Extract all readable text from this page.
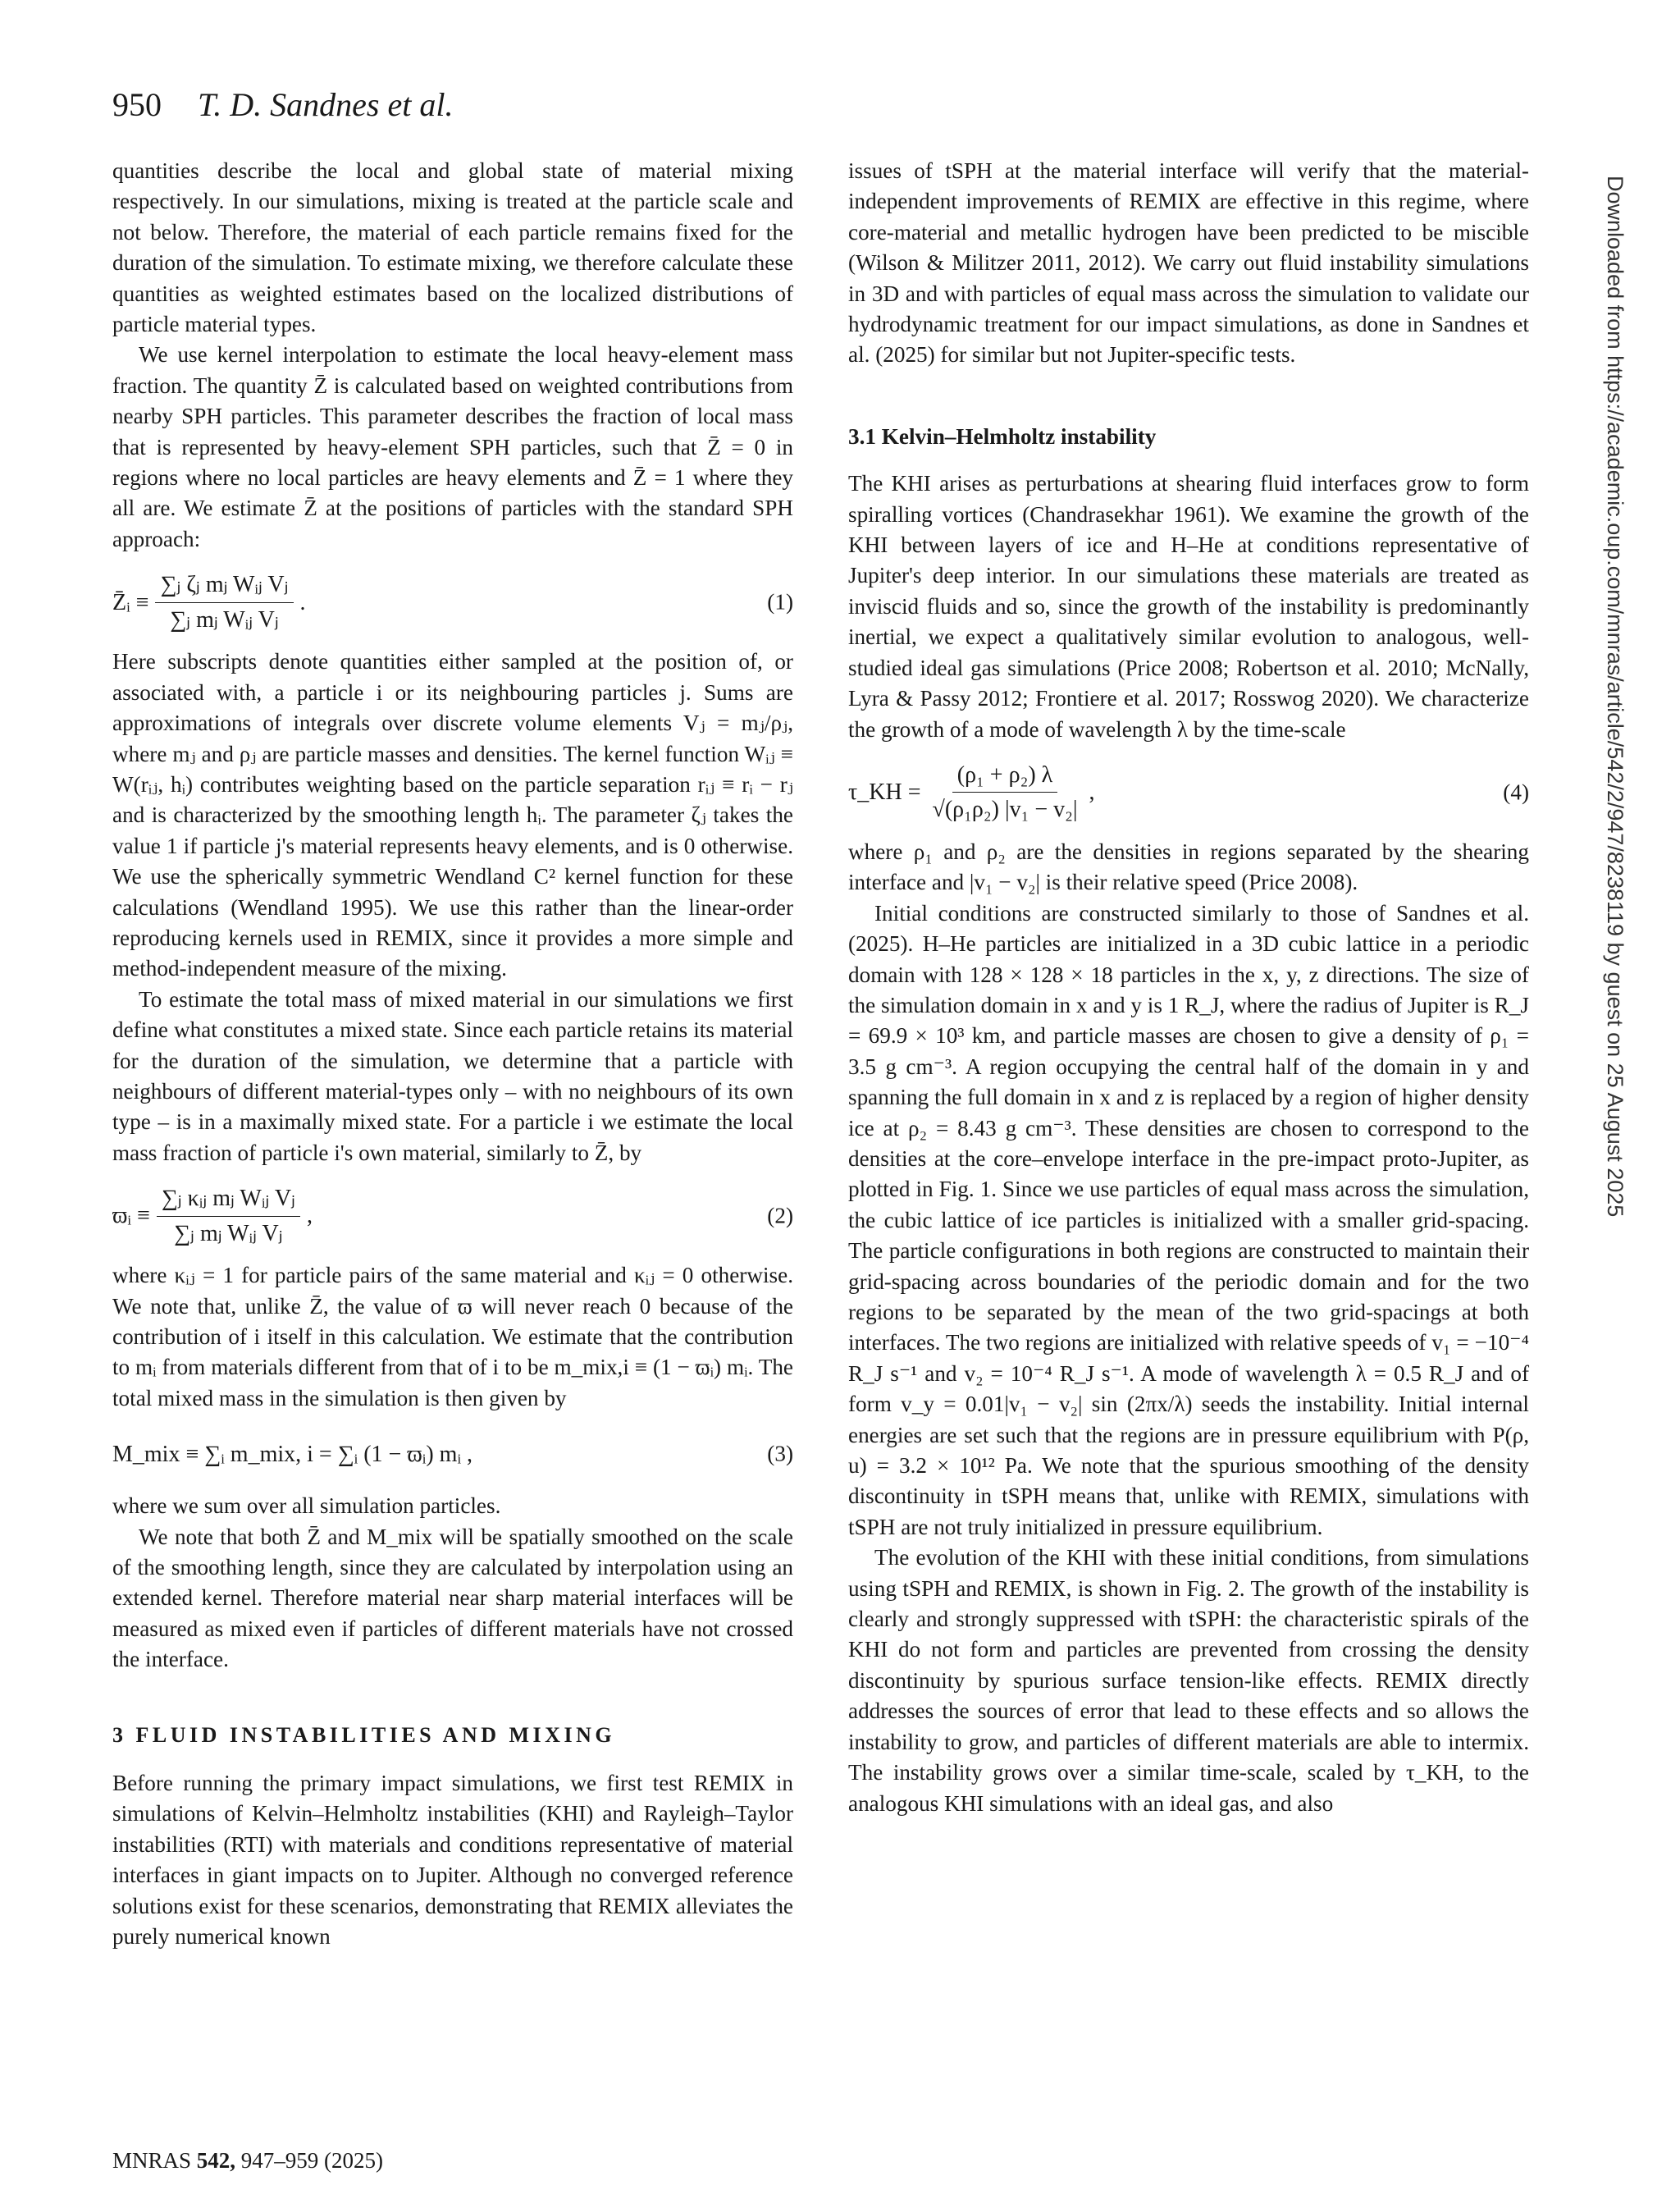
950 T. D. Sandnes et al.

quantities describe the local and global state of material mixing respectively. In our simulations, mixing is treated at the particle scale and not below. Therefore, the material of each particle remains fixed for the duration of the simulation. To estimate mixing, we therefore calculate these quantities as weighted estimates based on the localized distributions of particle material types.

We use kernel interpolation to estimate the local heavy-element mass fraction. The quantity Z̄ is calculated based on weighted contributions from nearby SPH particles. This parameter describes the fraction of local mass that is represented by heavy-element SPH particles, such that Z̄ = 0 in regions where no local particles are heavy elements and Z̄ = 1 where they all are. We estimate Z̄ at the positions of particles with the standard SPH approach:

Z̄ᵢ ≡ $\frac{\text{∑ⱼ ζⱼ mⱼ Wᵢⱼ Vⱼ}}{\text{∑ⱼ mⱼ Wᵢⱼ Vⱼ}}$ .	(1)

Here subscripts denote quantities either sampled at the position of, or associated with, a particle i or its neighbouring particles j. Sums are approximations of integrals over discrete volume elements Vⱼ = mⱼ/ρⱼ, where mⱼ and ρⱼ are particle masses and densities. The kernel function Wᵢⱼ ≡ W(rᵢⱼ, hᵢ) contributes weighting based on the particle separation rᵢⱼ ≡ rᵢ − rⱼ and is characterized by the smoothing length hᵢ. The parameter ζⱼ takes the value 1 if particle j's material represents heavy elements, and is 0 otherwise. We use the spherically symmetric Wendland C² kernel function for these calculations (Wendland 1995). We use this rather than the linear-order reproducing kernels used in REMIX, since it provides a more simple and method-independent measure of the mixing.

To estimate the total mass of mixed material in our simulations we first define what constitutes a mixed state. Since each particle retains its material for the duration of the simulation, we determine that a particle with neighbours of different material-types only – with no neighbours of its own type – is in a maximally mixed state. For a particle i we estimate the local mass fraction of particle i's own material, similarly to Z̄, by

ϖᵢ ≡ $\frac{\text{∑ⱼ κᵢⱼ mⱼ Wᵢⱼ Vⱼ}}{\text{∑ⱼ mⱼ Wᵢⱼ Vⱼ}}$ ,	(2)

where κᵢⱼ = 1 for particle pairs of the same material and κᵢⱼ = 0 otherwise. We note that, unlike Z̄, the value of ϖ will never reach 0 because of the contribution of i itself in this calculation. We estimate that the contribution to mᵢ from materials different from that of i to be m_mix,i ≡ (1 − ϖᵢ) mᵢ. The total mixed mass in the simulation is then given by

M_mix ≡ ∑ᵢ m_mix, i = ∑ᵢ (1 − ϖᵢ) mᵢ ,	(3)

where we sum over all simulation particles.

We note that both Z̄ and M_mix will be spatially smoothed on the scale of the smoothing length, since they are calculated by interpolation using an extended kernel. Therefore material near sharp material interfaces will be measured as mixed even if particles of different materials have not crossed the interface.

3 FLUID INSTABILITIES AND MIXING

Before running the primary impact simulations, we first test REMIX in simulations of Kelvin–Helmholtz instabilities (KHI) and Rayleigh–Taylor instabilities (RTI) with materials and conditions representative of material interfaces in giant impacts on to Jupiter. Although no converged reference solutions exist for these scenarios, demonstrating that REMIX alleviates the purely numerical known

issues of tSPH at the material interface will verify that the material-independent improvements of REMIX are effective in this regime, where core-material and metallic hydrogen have been predicted to be miscible (Wilson & Militzer 2011, 2012). We carry out fluid instability simulations in 3D and with particles of equal mass across the simulation to validate our hydrodynamic treatment for our impact simulations, as done in Sandnes et al. (2025) for similar but not Jupiter-specific tests.

3.1 Kelvin–Helmholtz instability

The KHI arises as perturbations at shearing fluid interfaces grow to form spiralling vortices (Chandrasekhar 1961). We examine the growth of the KHI between layers of ice and H–He at conditions representative of Jupiter's deep interior. In our simulations these materials are treated as inviscid fluids and so, since the growth of the instability is predominantly inertial, we expect a qualitatively similar evolution to analogous, well-studied ideal gas simulations (Price 2008; Robertson et al. 2010; McNally, Lyra & Passy 2012; Frontiere et al. 2017; Rosswog 2020). We characterize the growth of a mode of wavelength λ by the time-scale

τ_KH = $\frac{\text{(ρ₁ + ρ₂) λ}}{\text{√(ρ₁ρ₂) |v₁ − v₂|}}$ ,	(4)

where ρ₁ and ρ₂ are the densities in regions separated by the shearing interface and |v₁ − v₂| is their relative speed (Price 2008).

Initial conditions are constructed similarly to those of Sandnes et al. (2025). H–He particles are initialized in a 3D cubic lattice in a periodic domain with 128 × 128 × 18 particles in the x, y, z directions. The size of the simulation domain in x and y is 1 R_J, where the radius of Jupiter is R_J = 69.9 × 10³ km, and particle masses are chosen to give a density of ρ₁ = 3.5 g cm⁻³. A region occupying the central half of the domain in y and spanning the full domain in x and z is replaced by a region of higher density ice at ρ₂ = 8.43 g cm⁻³. These densities are chosen to correspond to the densities at the core–envelope interface in the pre-impact proto-Jupiter, as plotted in Fig. 1. Since we use particles of equal mass across the simulation, the cubic lattice of ice particles is initialized with a smaller grid-spacing. The particle configurations in both regions are constructed to maintain their grid-spacing across boundaries of the periodic domain and for the two regions to be separated by the mean of the two grid-spacings at both interfaces. The two regions are initialized with relative speeds of v₁ = −10⁻⁴ R_J s⁻¹ and v₂ = 10⁻⁴ R_J s⁻¹. A mode of wavelength λ = 0.5 R_J and of form v_y = 0.01|v₁ − v₂| sin (2πx/λ) seeds the instability. Initial internal energies are set such that the regions are in pressure equilibrium with P(ρ, u) = 3.2 × 10¹² Pa. We note that the spurious smoothing of the density discontinuity in tSPH means that, unlike with REMIX, simulations with tSPH are not truly initialized in pressure equilibrium.

The evolution of the KHI with these initial conditions, from simulations using tSPH and REMIX, is shown in Fig. 2. The growth of the instability is clearly and strongly suppressed with tSPH: the characteristic spirals of the KHI do not form and particles are prevented from crossing the density discontinuity by spurious surface tension-like effects. REMIX directly addresses the sources of error that lead to these effects and so allows the instability to grow, and particles of different materials are able to intermix. The instability grows over a similar time-scale, scaled by τ_KH, to the analogous KHI simulations with an ideal gas, and also

Downloaded from https://academic.oup.com/mnras/article/542/2/947/8238119 by guest on 25 August 2025
MNRAS 542, 947–959 (2025)
